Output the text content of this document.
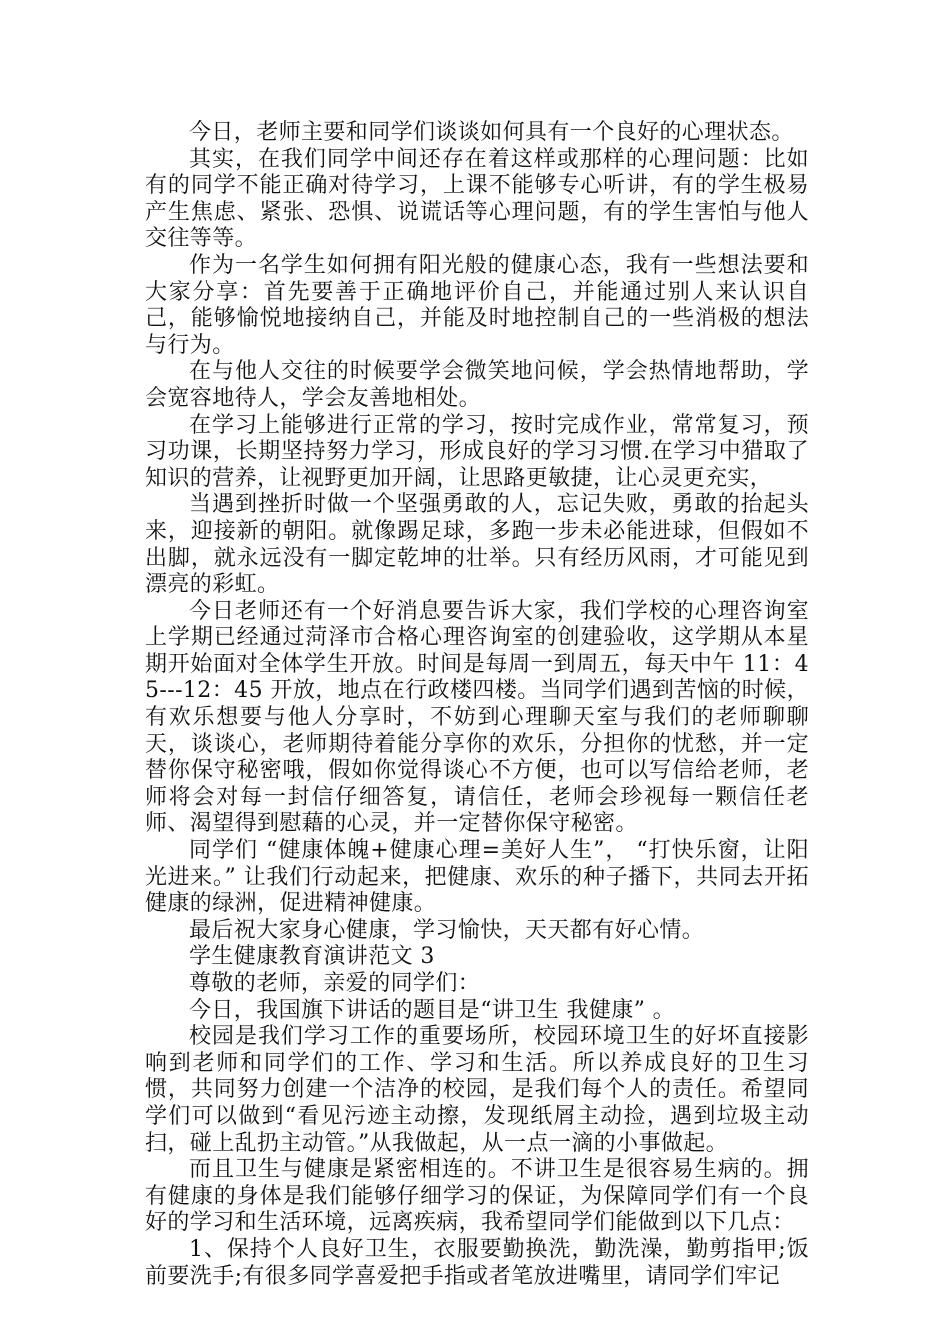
今日，老师主要和同学们谈谈如何具有一个良好的心理状态。

其实，在我们同学中间还存在着这样或那样的心理问题：比如有的同学不能正确对待学习，上课不能够专心听讲，有的学生极易产生焦虑、紧张、恐惧、说谎话等心理问题，有的学生害怕与他人交往等等。

作为一名学生如何拥有阳光般的健康心态，我有一些想法要和大家分享：首先要善于正确地评价自己，并能通过别人来认识自己，能够愉悦地接纳自己，并能及时地控制自己的一些消极的想法与行为。

在与他人交往的时候要学会微笑地问候，学会热情地帮助，学会宽容地待人，学会友善地相处。

在学习上能够进行正常的学习，按时完成作业，常常复习，预习功课，长期坚持努力学习，形成良好的学习习惯.在学习中猎取了知识的营养，让视野更加开阔，让思路更敏捷，让心灵更充实，

当遇到挫折时做一个坚强勇敢的人，忘记失败，勇敢的抬起头来，迎接新的朝阳。就像踢足球，多跑一步未必能进球，但假如不出脚，就永远没有一脚定乾坤的壮举。只有经历风雨，才可能见到漂亮的彩虹。

今日老师还有一个好消息要告诉大家，我们学校的心理咨询室上学期已经通过菏泽市合格心理咨询室的创建验收，这学期从本星期开始面对全体学生开放。时间是每周一到周五，每天中午 11：45---12：45 开放，地点在行政楼四楼。当同学们遇到苦恼的时候，有欢乐想要与他人分享时，不妨到心理聊天室与我们的老师聊聊天，谈谈心，老师期待着能分享你的欢乐，分担你的忧愁，并一定替你保守秘密哦，假如你觉得谈心不方便，也可以写信给老师，老师将会对每一封信仔细答复，请信任，老师会珍视每一颗信任老师、渴望得到慰藉的心灵，并一定替你保守秘密。

同学们 “健康体魄+健康心理=美好人生”， “打快乐窗，让阳光进来。” 让我们行动起来，把健康、欢乐的种子播下，共同去开拓健康的绿洲，促进精神健康。

最后祝大家身心健康，学习愉快，天天都有好心情。

学生健康教育演讲范文 3

尊敬的老师，亲爱的同学们：

今日，我国旗下讲话的题目是“讲卫生 我健康” 。

校园是我们学习工作的重要场所，校园环境卫生的好坏直接影响到老师和同学们的工作、学习和生活。所以养成良好的卫生习惯，共同努力创建一个洁净的校园，是我们每个人的责任。希望同学们可以做到“看见污迹主动擦，发现纸屑主动捡，遇到垃圾主动扫，碰上乱扔主动管。”从我做起，从一点一滴的小事做起。

而且卫生与健康是紧密相连的。不讲卫生是很容易生病的。拥有健康的身体是我们能够仔细学习的保证，为保障同学们有一个良好的学习和生活环境，远离疾病，我希望同学们能做到以下几点：

1、保持个人良好卫生，衣服要勤换洗，勤洗澡，勤剪指甲;饭前要洗手;有很多同学喜爱把手指或者笔放进嘴里，请同学们牢记
